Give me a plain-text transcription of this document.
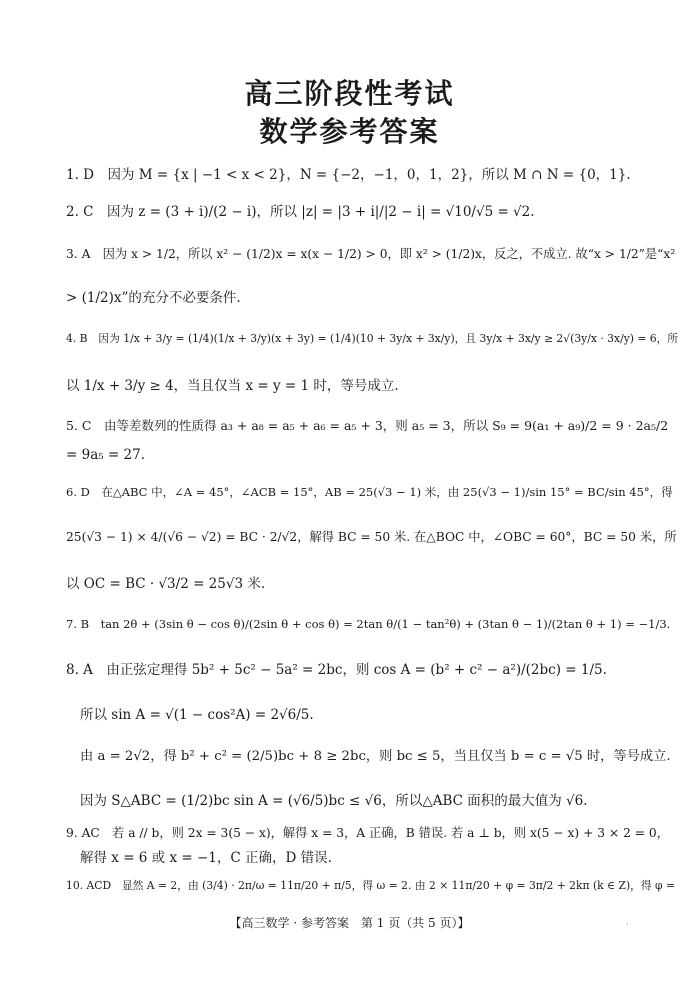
高三阶段性考试
数学参考答案
1. D　因为 M = {x | −1 < x < 2}，N = {−2，−1，0，1，2}，所以 M ∩ N = {0，1}.
2. C　因为 z = (3 + i)/(2 − i)，所以 |z| = |3 + i|/|2 − i| = √10/√5 = √2.
3. A　因为 x > 1/2，所以 x² − (1/2)x = x(x − 1/2) > 0，即 x² > (1/2)x，反之，不成立. 故“x > 1/2”是“x²
> (1/2)x”的充分不必要条件.
4. B　因为 1/x + 3/y = (1/4)(1/x + 3/y)(x + 3y) = (1/4)(10 + 3y/x + 3x/y)，且 3y/x + 3x/y ≥ 2√(3y/x · 3x/y) = 6，所
以 1/x + 3/y ≥ 4，当且仅当 x = y = 1 时，等号成立.
5. C　由等差数列的性质得 a₃ + a₈ = a₅ + a₆ = a₅ + 3，则 a₅ = 3，所以 S₉ = 9(a₁ + a₉)/2 = 9 · 2a₅/2
= 9a₅ = 27.
6. D　在△ABC 中，∠A = 45°，∠ACB = 15°，AB = 25(√3 − 1) 米，由 25(√3 − 1)/sin 15° = BC/sin 45°，得
25(√3 − 1) × 4/(√6 − √2) = BC · 2/√2，解得 BC = 50 米. 在△BOC 中，∠OBC = 60°，BC = 50 米，所
以 OC = BC · √3/2 = 25√3 米.
7. B　tan 2θ + (3sin θ − cos θ)/(2sin θ + cos θ) = 2tan θ/(1 − tan²θ) + (3tan θ − 1)/(2tan θ + 1) = −1/3.
8. A　由正弦定理得 5b² + 5c² − 5a² = 2bc，则 cos A = (b² + c² − a²)/(2bc) = 1/5.
所以 sin A = √(1 − cos²A) = 2√6/5.
由 a = 2√2，得 b² + c² = (2/5)bc + 8 ≥ 2bc，则 bc ≤ 5，当且仅当 b = c = √5 时，等号成立.
因为 S△ABC = (1/2)bc sin A = (√6/5)bc ≤ √6，所以△ABC 面积的最大值为 √6.
9. AC　若 a // b，则 2x = 3(5 − x)，解得 x = 3，A 正确，B 错误. 若 a ⊥ b，则 x(5 − x) + 3 × 2 = 0，
解得 x = 6 或 x = −1，C 正确，D 错误.
10. ACD　显然 A = 2，由 (3/4) · 2π/ω = 11π/20 + π/5，得 ω = 2. 由 2 × 11π/20 + φ = 3π/2 + 2kπ (k ∈ Z)，得 φ =
【高三数学 · 参考答案　第 1 页（共 5 页）】	·
